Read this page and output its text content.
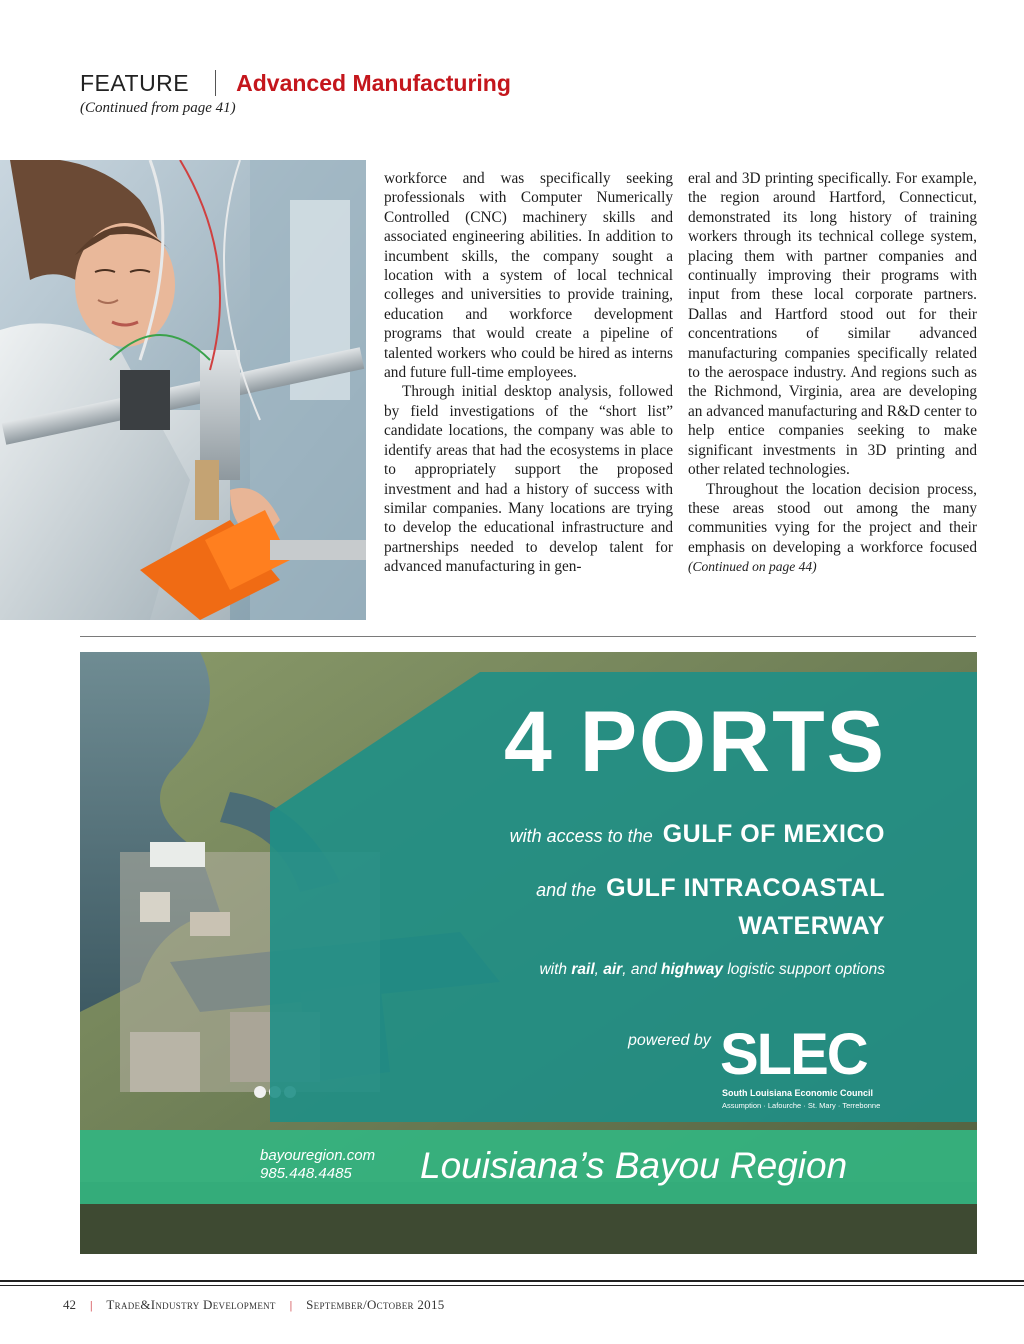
FEATURE Advanced Manufacturing
(Continued from page 41)

workforce and was specifically seeking professionals with Computer Numerically Controlled (CNC) machinery skills and associated engineering abilities. In addition to incumbent skills, the company sought a location with a system of local technical colleges and universities to provide training, education and workforce development programs that would create a pipeline of talented workers who could be hired as interns and future full-time employees.

Through initial desktop analysis, followed by field investigations of the “short list” candidate locations, the company was able to identify areas that had the ecosystems in place to appropriately support the proposed investment and had a history of success with similar companies. Many locations are trying to develop the educational infrastructure and partnerships needed to develop talent for advanced manufacturing in gen-

eral and 3D printing specifically. For example, the region around Hartford, Connecticut, demonstrated its long history of training workers through its technical college system, placing them with partner companies and continually improving their programs with input from these local corporate partners. Dallas and Hartford stood out for their concentrations of similar advanced manufacturing companies specifically related to the aerospace industry. And regions such as the Richmond, Virginia, area are developing an advanced manufacturing and R&D center to help entice companies seeking to make significant investments in 3D printing and other related technologies.

Throughout the location decision process, these areas stood out among the many communities vying for the project and their emphasis on developing a workforce focused (Continued on page 44)

4 PORTS
with access to the GULF OF MEXICO
and the GULF INTRACOASTAL
WATERWAY
with rail, air, and highway logistic support options
powered by SLEC
South Louisiana Economic Council
Assumption · Lafourche · St. Mary · Terrebonne
bayouregion.com
985.448.4485 Louisiana’s Bayou Region
42 | Trade&Industry Development | September/October 2015
